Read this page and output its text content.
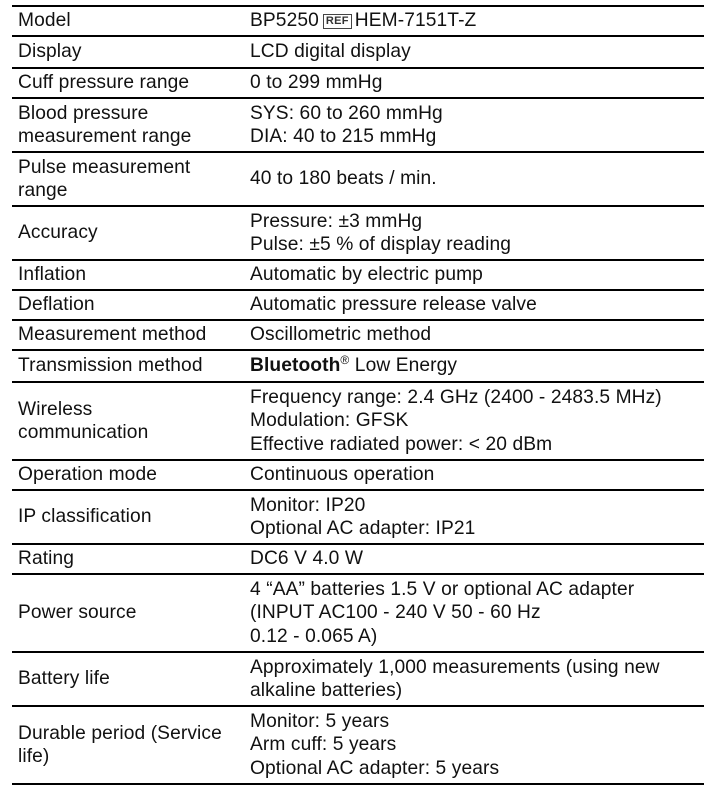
Model	BP5250 REF HEM-7151T-Z

Display	LCD digital display

Cuff pressure range	0 to 299 mmHg

Blood pressure
measurement range	SYS: 60 to 260 mmHg
DIA: 40 to 215 mmHg

Pulse measurement
range	40 to 180 beats / min.

Accuracy	Pressure: ±3 mmHg
Pulse: ±5 % of display reading

Inflation	Automatic by electric pump

Deflation	Automatic pressure release valve

Measurement method	Oscillometric method

Transmission method	Bluetooth® Low Energy

Wireless
communication	Frequency range: 2.4 GHz (2400 - 2483.5 MHz)
Modulation: GFSK
Effective radiated power: < 20 dBm

Operation mode	Continuous operation

IP classification	Monitor: IP20
Optional AC adapter: IP21

Rating	DC6 V 4.0 W

Power source	4 “AA” batteries 1.5 V or optional AC adapter
(INPUT AC100 - 240 V 50 - 60 Hz
0.12 - 0.065 A)

Battery life	Approximately 1,000 measurements (using new
alkaline batteries)

Durable period (Service
life)	Monitor: 5 years
Arm cuff: 5 years
Optional AC adapter: 5 years
